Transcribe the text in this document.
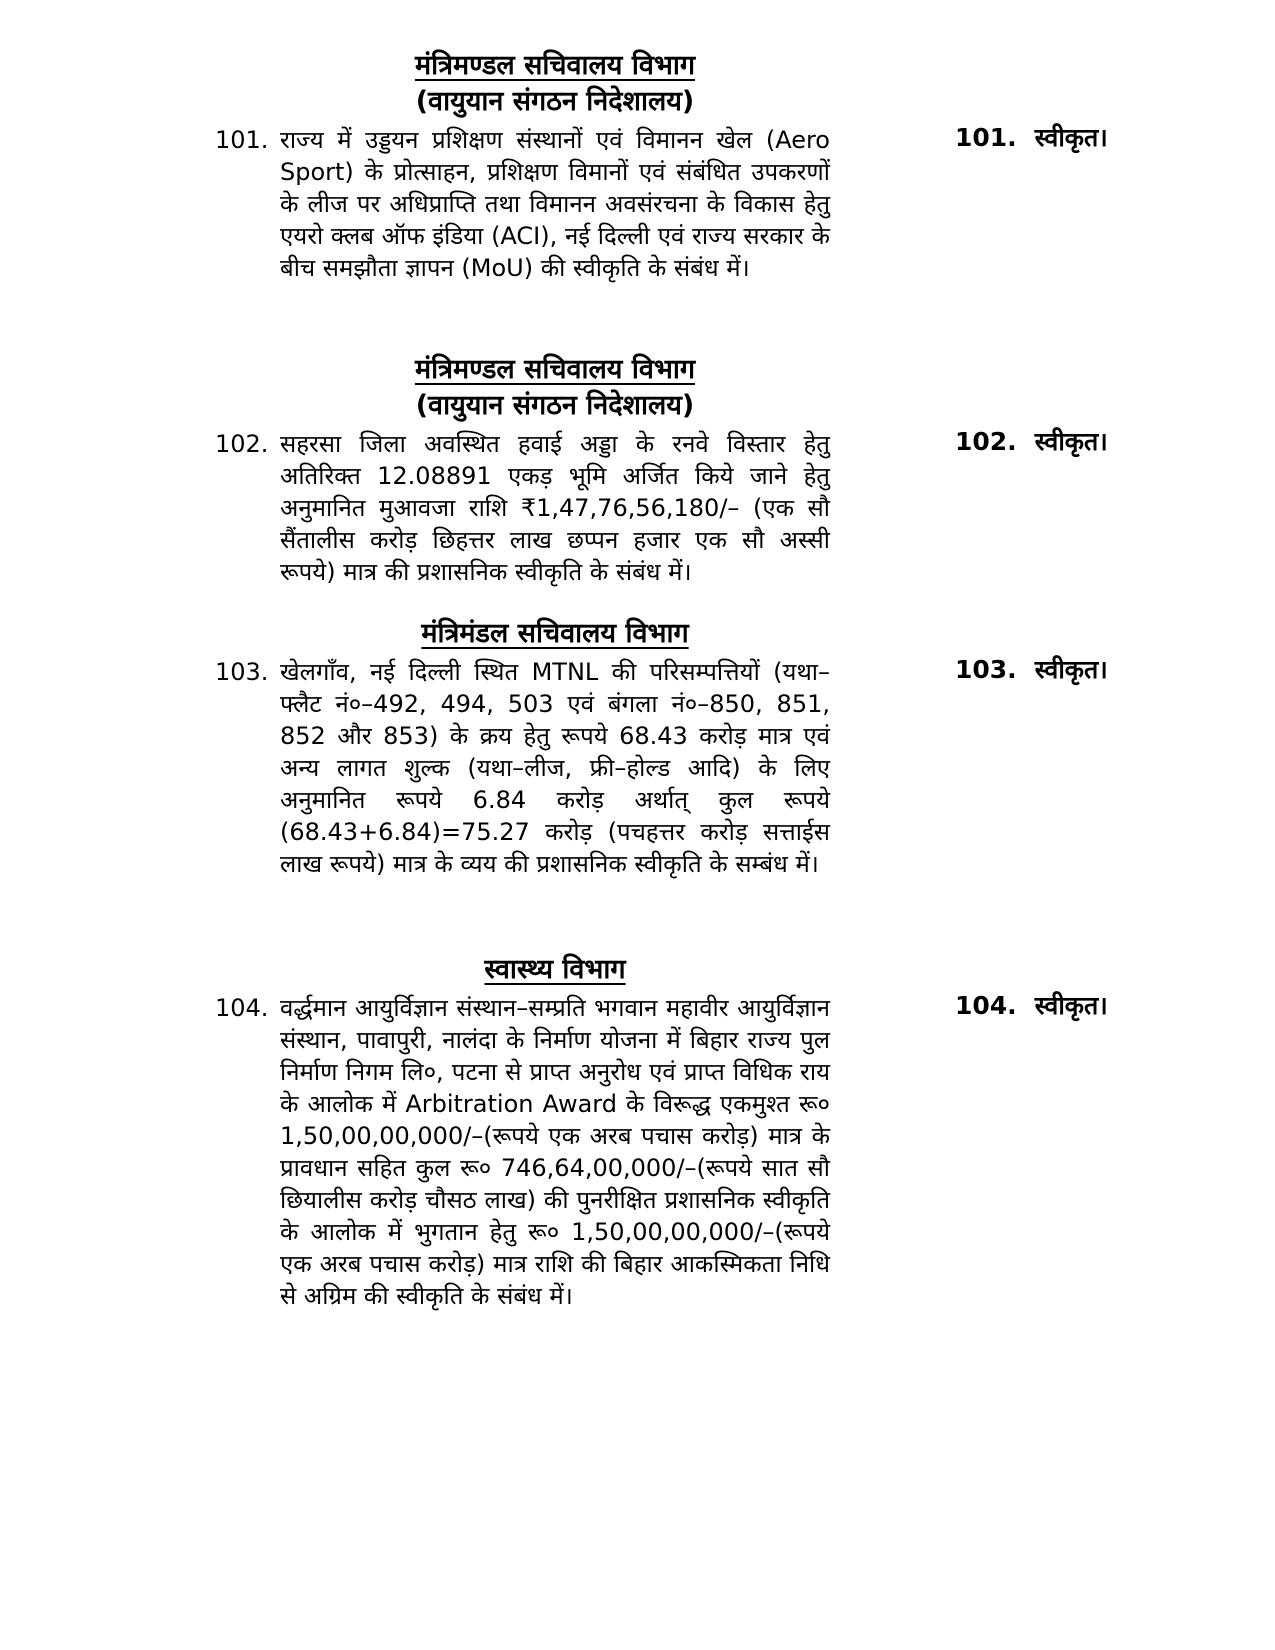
मंत्रिमण्डल सचिवालय विभाग
(वायुयान संगठन निदेशालय)
101. राज्य में उड्डयन प्रशिक्षण संस्थानों एवं विमानन खेल (Aero Sport) के प्रोत्साहन, प्रशिक्षण विमानों एवं संबंधित उपकरणों के लीज पर अधिप्राप्ति तथा विमानन अवसंरचना के विकास हेतु एयरो क्लब ऑफ इंडिया (ACI), नई दिल्ली एवं राज्य सरकार के बीच समझौता ज्ञापन (MoU) की स्वीकृति के संबंध में।
101. स्वीकृत।
मंत्रिमण्डल सचिवालय विभाग
(वायुयान संगठन निदेशालय)
102. सहरसा जिला अवस्थित हवाई अड्डा के रनवे विस्तार हेतु अतिरिक्त 12.08891 एकड़ भूमि अर्जित किये जाने हेतु अनुमानित मुआवजा राशि ₹1,47,76,56,180/– (एक सौ सैंतालीस करोड़ छिहत्तर लाख छप्पन हजार एक सौ अस्सी रूपये) मात्र की प्रशासनिक स्वीकृति के संबंध में।
102. स्वीकृत।
मंत्रिमंडल सचिवालय विभाग
103. खेलगाँव, नई दिल्ली स्थित MTNL की परिसम्पत्तियों (यथा–फ्लैट नं०–492, 494, 503 एवं बंगला नं०–850, 851, 852 और 853) के क्रय हेतु रूपये 68.43 करोड़ मात्र एवं अन्य लागत शुल्क (यथा–लीज, फ्री–होल्ड आदि) के लिए अनुमानित रूपये 6.84 करोड़ अर्थात् कुल रूपये (68.43+6.84)=75.27 करोड़ (पचहत्तर करोड़ सत्ताईस लाख रूपये) मात्र के व्यय की प्रशासनिक स्वीकृति के सम्बंध में।
103. स्वीकृत।
स्वास्थ्य विभाग
104. वर्द्धमान आयुर्विज्ञान संस्थान–सम्प्रति भगवान महावीर आयुर्विज्ञान संस्थान, पावापुरी, नालंदा के निर्माण योजना में बिहार राज्य पुल निर्माण निगम लि०, पटना से प्राप्त अनुरोध एवं प्राप्त विधिक राय के आलोक में Arbitration Award के विरूद्ध एकमुश्त रू० 1,50,00,00,000/–(रूपये एक अरब पचास करोड़) मात्र के प्रावधान सहित कुल रू० 746,64,00,000/–(रूपये सात सौ छियालीस करोड़ चौसठ लाख) की पुनरीक्षित प्रशासनिक स्वीकृति के आलोक में भुगतान हेतु रू० 1,50,00,00,000/–(रूपये एक अरब पचास करोड़) मात्र राशि की बिहार आकस्मिकता निधि से अग्रिम की स्वीकृति के संबंध में।
104. स्वीकृत।
